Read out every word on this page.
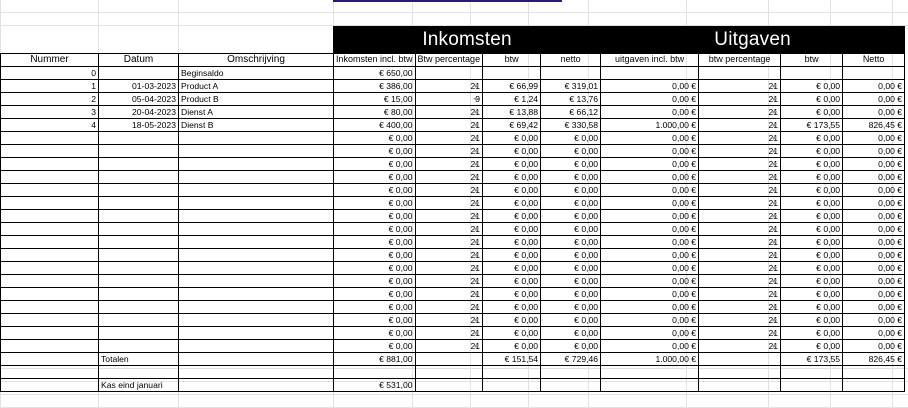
			Inkomsten				Uitgaven			
Nummer	Datum	Omschrijving	Inkomsten incl. btw	Btw percentage	btw	netto	uitgaven incl. btw	btw percentage	btw	Netto
0		Beginsaldo	€ 650,00							
1	01-03-2023	Product A	€ 386,00	21	€ 66,99	€ 319,01	0,00 €	21	€ 0,00	0,00 €
2	05-04-2023	Product B	€ 15,00	9	€ 1,24	€ 13,76	0,00 €	21	€ 0,00	0,00 €
3	20-04-2023	Dienst A	€ 80,00	21	€ 13,88	€ 66,12	0,00 €	21	€ 0,00	0,00 €
4	18-05-2023	Dienst B	€ 400,00	21	€ 69,42	€ 330,58	1.000,00 €	21	€ 173,55	826,45 €
			€ 0,00	21	€ 0,00	€ 0,00	0,00 €	21	€ 0,00	0,00 €
			€ 0,00	21	€ 0,00	€ 0,00	0,00 €	21	€ 0,00	0,00 €
			€ 0,00	21	€ 0,00	€ 0,00	0,00 €	21	€ 0,00	0,00 €
			€ 0,00	21	€ 0,00	€ 0,00	0,00 €	21	€ 0,00	0,00 €
			€ 0,00	21	€ 0,00	€ 0,00	0,00 €	21	€ 0,00	0,00 €
			€ 0,00	21	€ 0,00	€ 0,00	0,00 €	21	€ 0,00	0,00 €
			€ 0,00	21	€ 0,00	€ 0,00	0,00 €	21	€ 0,00	0,00 €
			€ 0,00	21	€ 0,00	€ 0,00	0,00 €	21	€ 0,00	0,00 €
			€ 0,00	21	€ 0,00	€ 0,00	0,00 €	21	€ 0,00	0,00 €
			€ 0,00	21	€ 0,00	€ 0,00	0,00 €	21	€ 0,00	0,00 €
			€ 0,00	21	€ 0,00	€ 0,00	0,00 €	21	€ 0,00	0,00 €
			€ 0,00	21	€ 0,00	€ 0,00	0,00 €	21	€ 0,00	0,00 €
			€ 0,00	21	€ 0,00	€ 0,00	0,00 €	21	€ 0,00	0,00 €
			€ 0,00	21	€ 0,00	€ 0,00	0,00 €	21	€ 0,00	0,00 €
			€ 0,00	21	€ 0,00	€ 0,00	0,00 €	21	€ 0,00	0,00 €
			€ 0,00	21	€ 0,00	€ 0,00	0,00 €	21	€ 0,00	0,00 €
			€ 0,00	21	€ 0,00	€ 0,00	0,00 €	21	€ 0,00	0,00 €
	Totalen		€ 881,00		€ 151,54	€ 729,46	1.000,00 €		€ 173,55	826,45 €

	Kas eind januari		€ 531,00							
